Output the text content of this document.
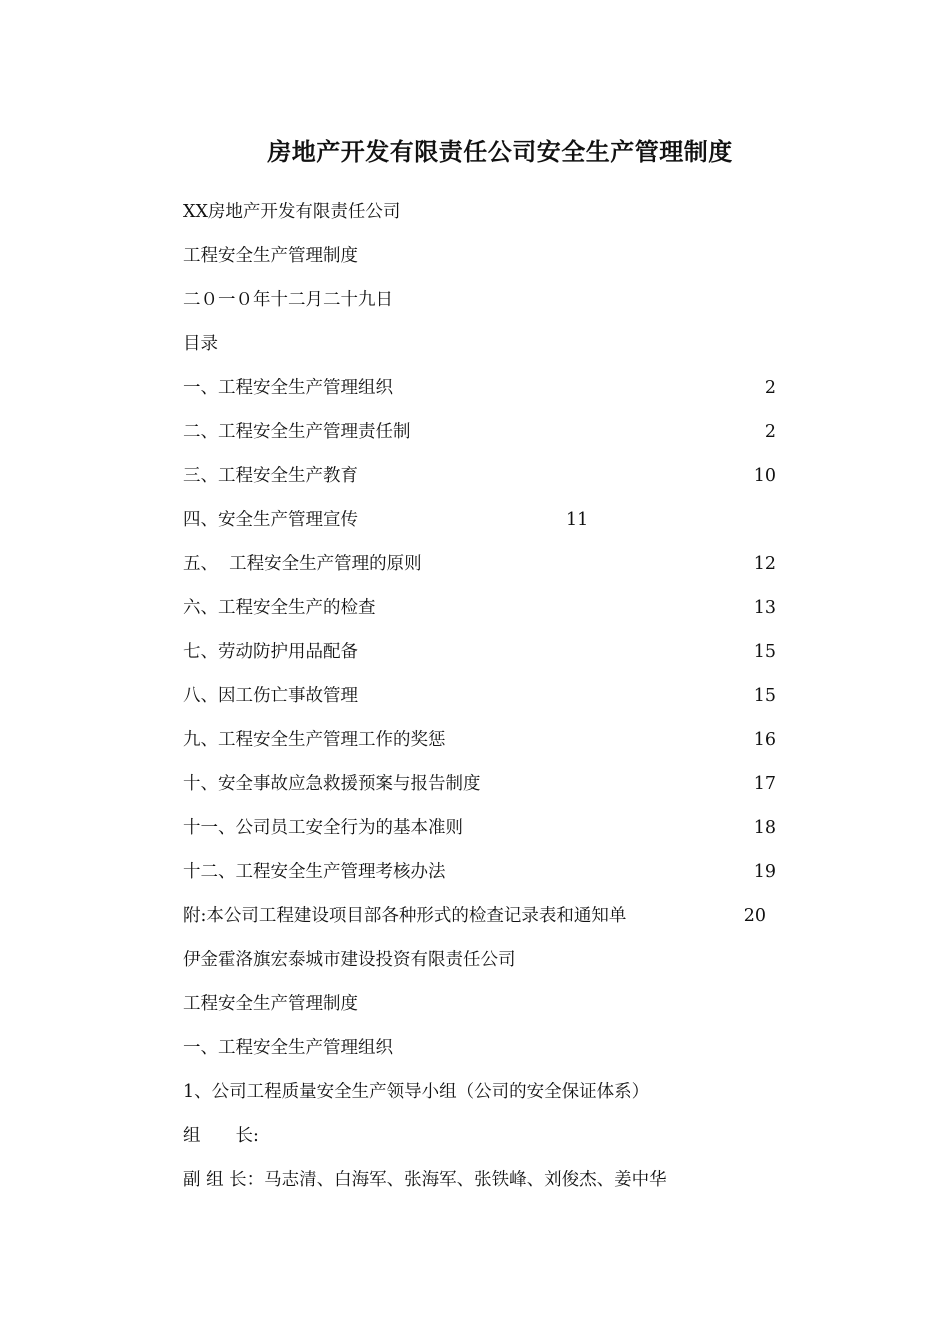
房地产开发有限责任公司安全生产管理制度
XX房地产开发有限责任公司
工程安全生产管理制度
二０一０年十二月二十九日
目录
一、工程安全生产管理组织	2
二、工程安全生产管理责任制	2
三、工程安全生产教育	10
四、安全生产管理宣传	11
五、  工程安全生产管理的原则	12
六、工程安全生产的检查	13
七、劳动防护用品配备	15
八、因工伤亡事故管理	15
九、工程安全生产管理工作的奖惩	16
十、安全事故应急救援预案与报告制度	17
十一、公司员工安全行为的基本准则	18
十二、工程安全生产管理考核办法	19
附:本公司工程建设项目部各种形式的检查记录表和通知单	20
伊金霍洛旗宏泰城市建设投资有限责任公司
工程安全生产管理制度
一、工程安全生产管理组织
1、公司工程质量安全生产领导小组（公司的安全保证体系）
组　　长:
副 组 长：马志清、白海军、张海军、张铁峰、刘俊杰、姜中华
